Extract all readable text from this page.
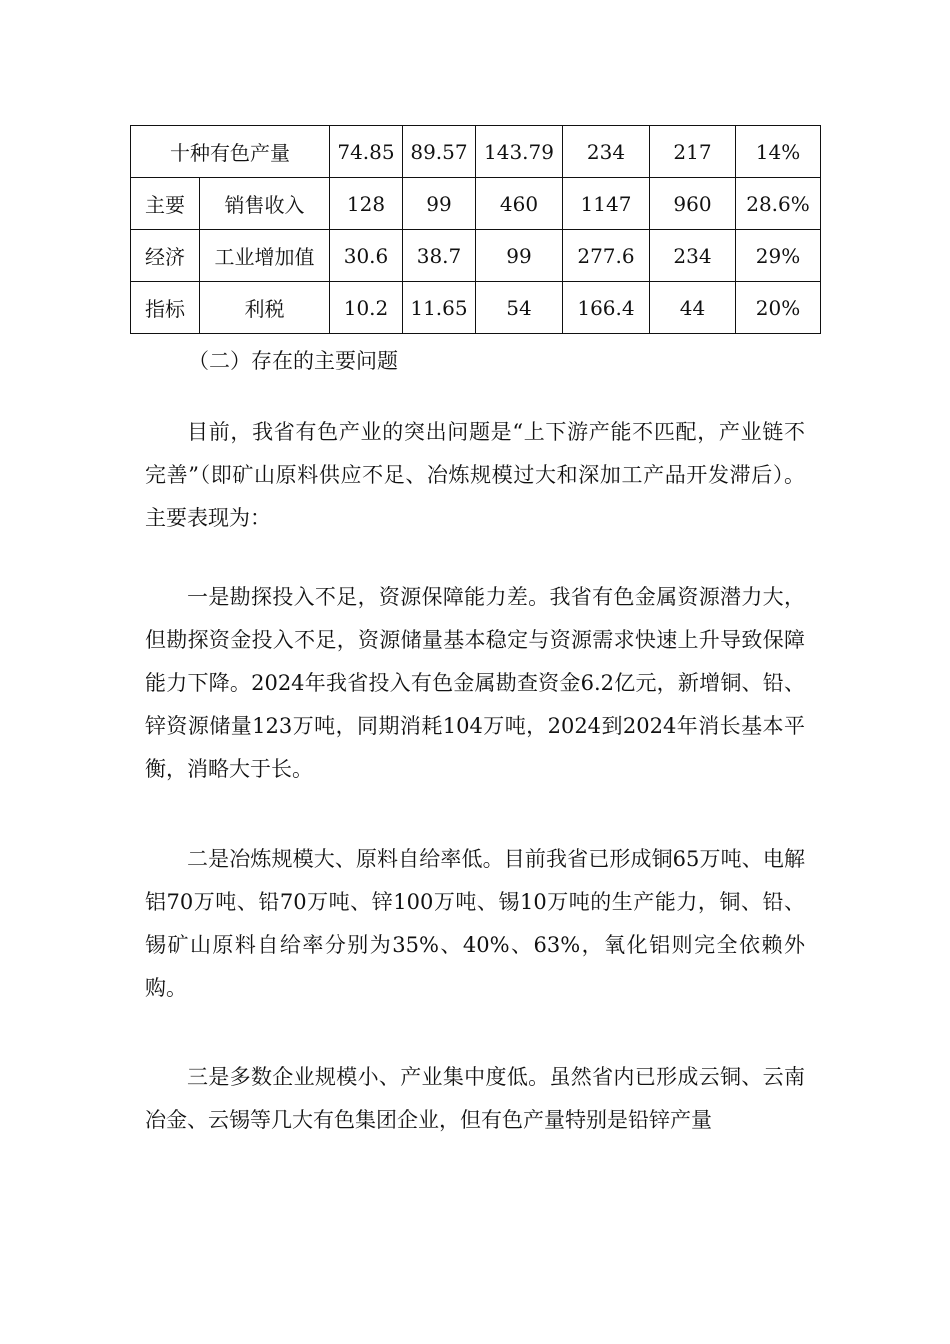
十种有色产量		74.85	89.57	143.79	234	217	14%
主要	销售收入	128	99	460	1147	960	28.6%
经济	工业增加值	30.6	38.7	99	277.6	234	29%
指标	利税	10.2	11.65	54	166.4	44	20%
（二）存在的主要问题

目前，我省有色产业的突出问题是“上下游产能不匹配，产业链不完善”（即矿山原料供应不足、冶炼规模过大和深加工产品开发滞后）。主要表现为：

一是勘探投入不足，资源保障能力差。我省有色金属资源潜力大，但勘探资金投入不足，资源储量基本稳定与资源需求快速上升导致保障能力下降。2024年我省投入有色金属勘查资金6.2亿元，新增铜、铅、锌资源储量123万吨，同期消耗104万吨，2024到2024年消长基本平衡，消略大于长。

二是冶炼规模大、原料自给率低。目前我省已形成铜65万吨、电解铝70万吨、铅70万吨、锌100万吨、锡10万吨的生产能力，铜、铅、锡矿山原料自给率分别为35%、40%、63%，氧化铝则完全依赖外购。

三是多数企业规模小、产业集中度低。虽然省内已形成云铜、云南冶金、云锡等几大有色集团企业，但有色产量特别是铅锌产量
